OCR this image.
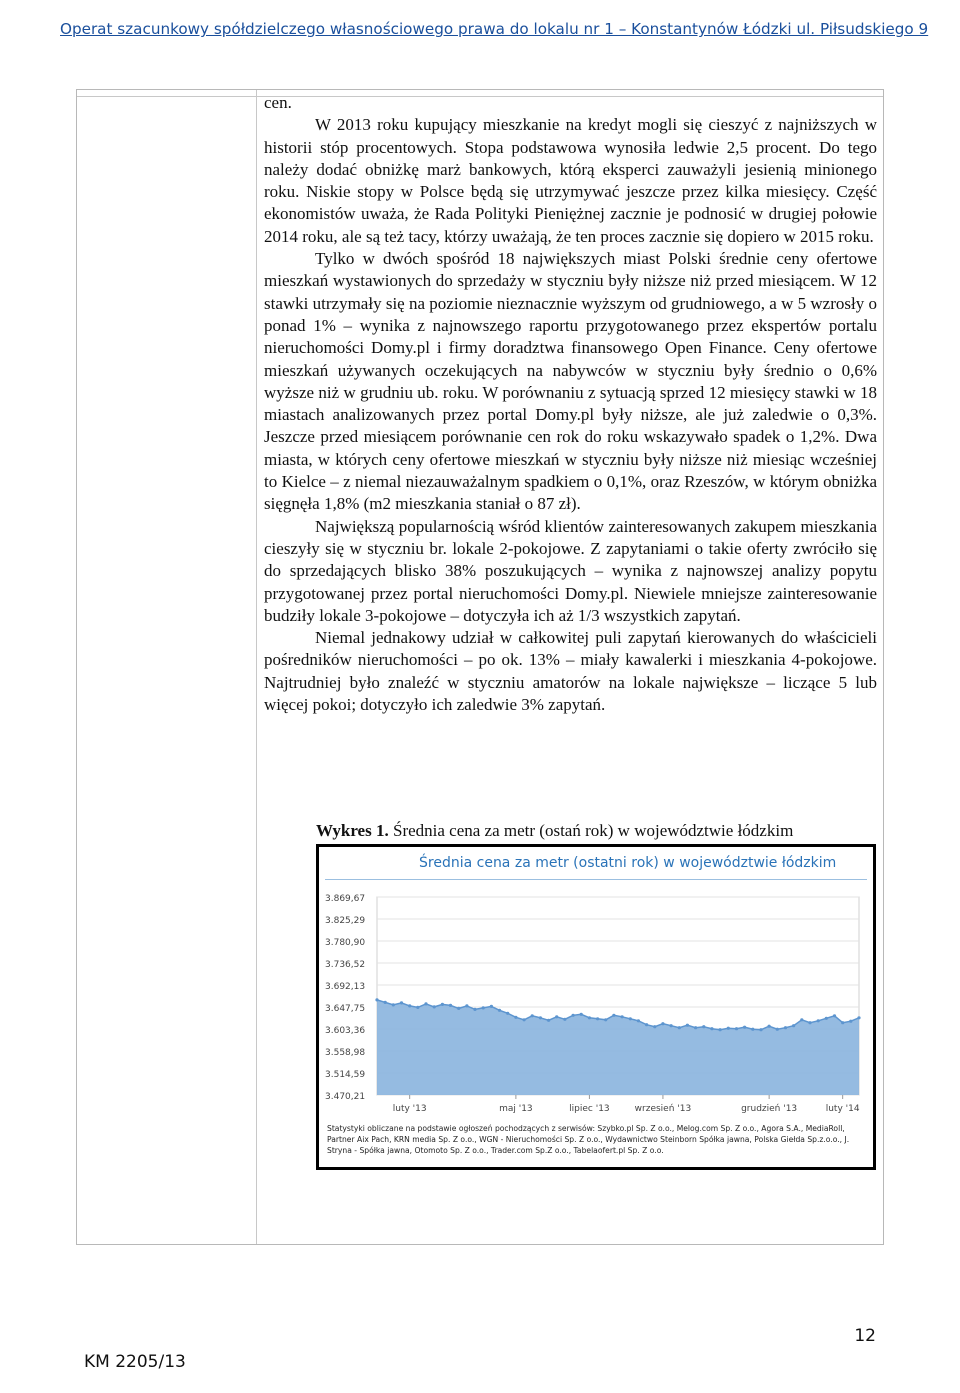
Operat szacunkowy spółdzielczego własnościowego prawa do lokalu nr 1 – Konstantynów Łódzki ul. Piłsudskiego 9

cen.

W 2013 roku kupujący mieszkanie na kredyt mogli się cieszyć z najniższych w historii stóp procentowych. Stopa podstawowa wynosiła ledwie 2,5 procent. Do tego należy dodać obniżkę marż bankowych, którą eksperci zauważyli jesienią minionego roku. Niskie stopy w Polsce będą się utrzymywać jeszcze przez kilka miesięcy. Część ekonomistów uważa, że Rada Polityki Pieniężnej zacznie je podnosić w drugiej połowie 2014 roku, ale są też tacy, którzy uważają, że ten proces zacznie się dopiero w 2015 roku.

Tylko w dwóch spośród 18 największych miast Polski średnie ceny ofertowe mieszkań wystawionych do sprzedaży w styczniu były niższe niż przed miesiącem. W 12 stawki utrzymały się na poziomie nieznacznie wyższym od grudniowego, a w 5 wzrosły o ponad 1% – wynika z najnowszego raportu przygotowanego przez ekspertów portalu nieruchomości Domy.pl i firmy doradztwa finansowego Open Finance. Ceny ofertowe mieszkań używanych oczekujących na nabywców w styczniu były średnio o 0,6% wyższe niż w grudniu ub. roku. W porównaniu z sytuacją sprzed 12 miesięcy stawki w 18 miastach analizowanych przez portal Domy.pl były niższe, ale już zaledwie o 0,3%. Jeszcze przed miesiącem porównanie cen rok do roku wskazywało spadek o 1,2%. Dwa miasta, w których ceny ofertowe mieszkań w styczniu były niższe niż miesiąc wcześniej to Kielce – z niemal niezauważalnym spadkiem o 0,1%, oraz Rzeszów, w którym obniżka sięgnęła 1,8% (m2 mieszkania staniał o 87 zł).

Największą popularnością wśród klientów zainteresowanych zakupem mieszkania cieszyły się w styczniu br. lokale 2-pokojowe. Z zapytaniami o takie oferty zwróciło się do sprzedających blisko 38% poszukujących – wynika z najnowszej analizy popytu przygotowanej przez portal nieruchomości Domy.pl. Niewiele mniejsze zainteresowanie budziły lokale 3-pokojowe – dotyczyła ich aż 1/3 wszystkich zapytań.

Niemal jednakowy udział w całkowitej puli zapytań kierowanych do właścicieli pośredników nieruchomości – po ok. 13% – miały kawalerki i mieszkania 4-pokojowe. Najtrudniej było znaleźć w styczniu amatorów na lokale największe – liczące 5 lub więcej pokoi; dotyczyło ich zaledwie 3% zapytań.

Wykres 1. Średnia cena za metr (ostań rok) w województwie łódzkim
Średnia cena za metr (ostatni rok) w województwie łódzkim
3.869,67
3.825,29
3.780,90
3.736,52
3.692,13
3.647,75
3.603,36
3.558,98
3.514,59
3.470,21
luty '13	maj '13	lipiec '13	wrzesień '13	grudzień '13	luty '14
Statystyki obliczane na podstawie ogłoszeń pochodzących z serwisów: Szybko.pl Sp. Z o.o., Melog.com Sp. Z o.o., Agora S.A., MediaRoll, Partner Aix Pach, KRN media Sp. Z o.o., WGN - Nieruchomości Sp. Z o.o., Wydawnictwo Steinborn Spółka jawna, Polska Giełda Sp.z.o.o., J. Stryna - Spółka jawna, Otomoto Sp. Z o.o., Trader.com Sp.Z o.o., Tabelaofert.pl Sp. Z o.o.
12
KM 2205/13
